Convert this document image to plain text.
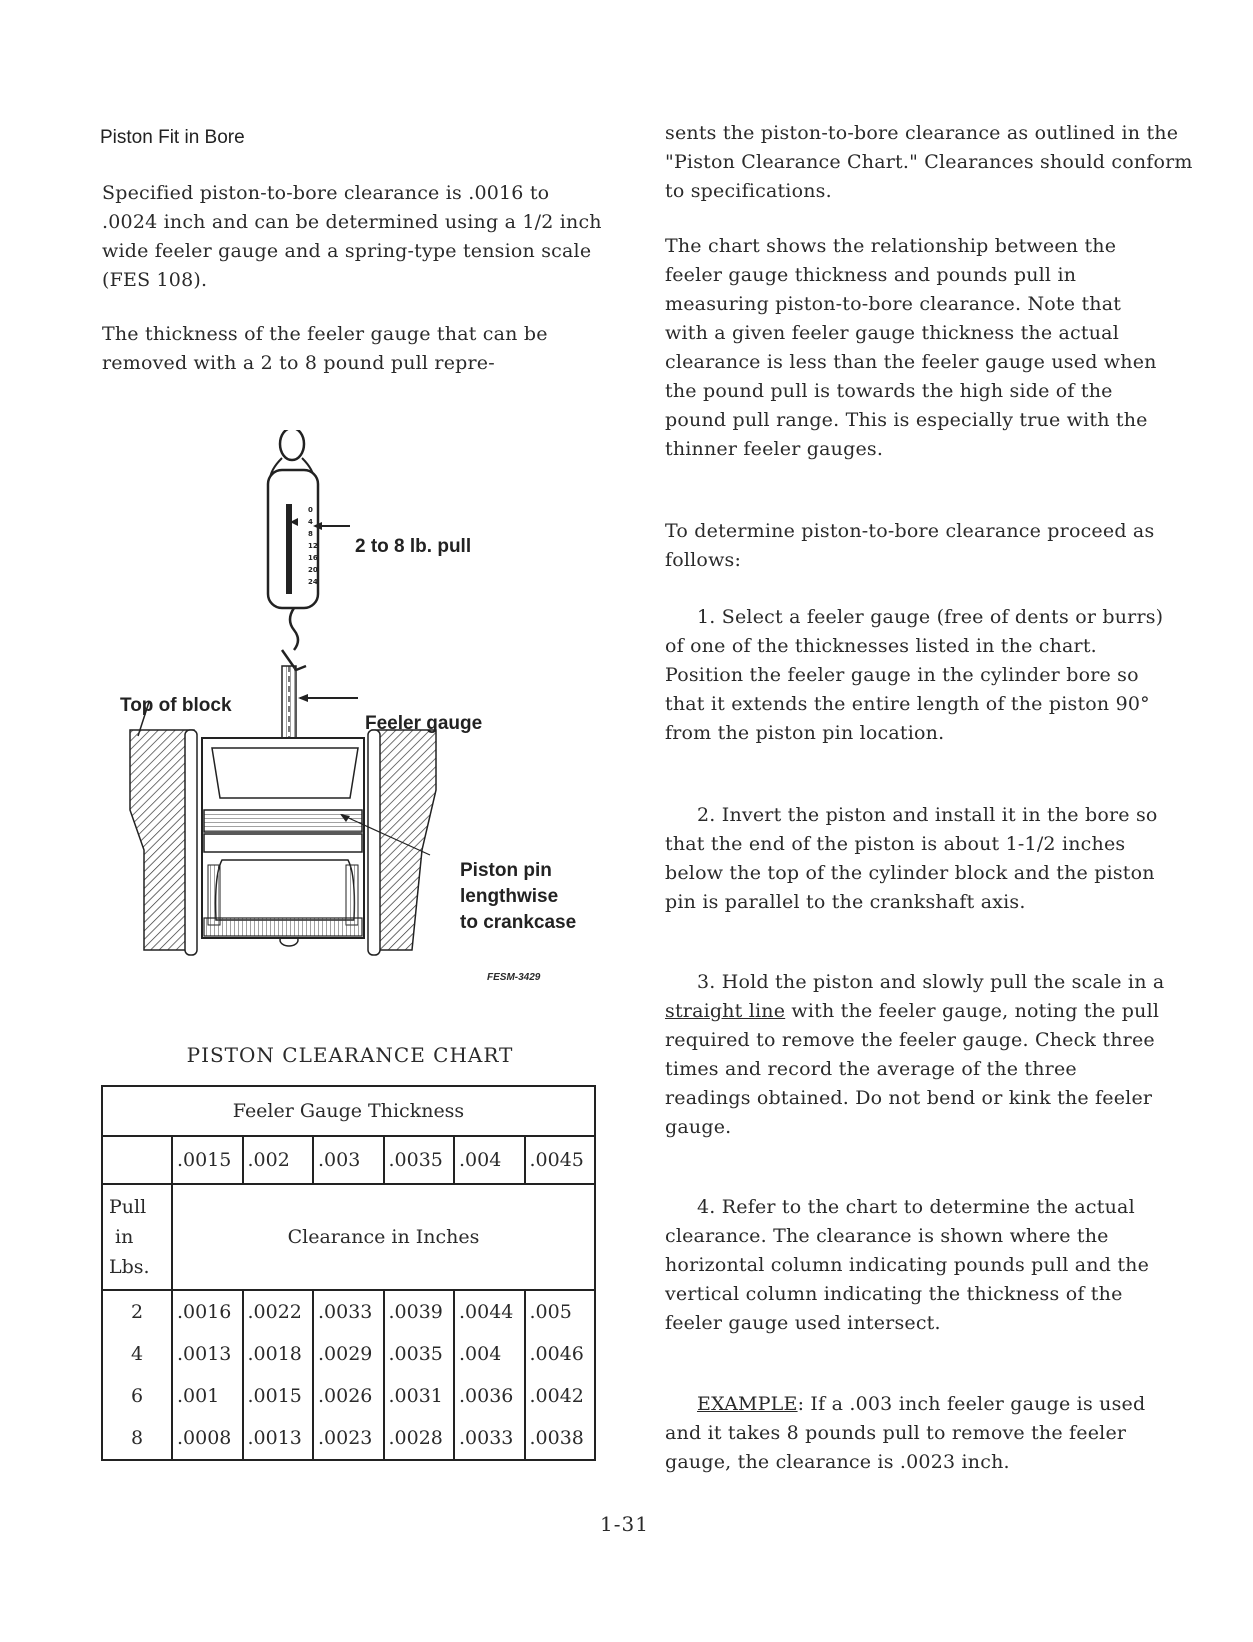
Piston Fit in Bore

Specified piston-to-bore clearance is .0016 to .0024 inch and can be determined using a 1/2 inch wide feeler gauge and a spring-type tension scale (FES 108).

The thickness of the feeler gauge that can be removed with a 2 to 8 pound pull repre-

0
4
8
12
16
20
24
2 to 8 lb. pull
Top of block
Feeler gauge
Piston pin
lengthwise
to crankcase
FESM-3429
PISTON CLEARANCE CHART
Feeler Gauge Thickness						
	.0015	.002	.003	.0035	.004	.0045

Pull
in
Lbs.	Clearance in Inches					
2	.0016	.0022	.0033	.0039	.0044	.005
4	.0013	.0018	.0029	.0035	.004	.0046
6	.001	.0015	.0026	.0031	.0036	.0042
8	.0008	.0013	.0023	.0028	.0033	.0038

sents the piston-to-bore clearance as outlined in the "Piston Clearance Chart." Clearances should conform to specifications.

The chart shows the relationship between the feeler gauge thickness and pounds pull in measuring piston-to-bore clearance. Note that with a given feeler gauge thickness the actual clearance is less than the feeler gauge used when the pound pull is towards the high side of the pound pull range. This is especially true with the thinner feeler gauges.

To determine piston-to-bore clearance proceed as follows:

1. Select a feeler gauge (free of dents or burrs) of one of the thicknesses listed in the chart. Position the feeler gauge in the cylinder bore so that it extends the entire length of the piston 90° from the piston pin location.

2. Invert the piston and install it in the bore so that the end of the piston is about 1-1/2 inches below the top of the cylinder block and the piston pin is parallel to the crankshaft axis.

3. Hold the piston and slowly pull the scale in a straight line with the feeler gauge, noting the pull required to remove the feeler gauge. Check three times and record the average of the three readings obtained. Do not bend or kink the feeler gauge.

4. Refer to the chart to determine the actual clearance. The clearance is shown where the horizontal column indicating pounds pull and the vertical column indicating the thickness of the feeler gauge used intersect.

EXAMPLE: If a .003 inch feeler gauge is used and it takes 8 pounds pull to remove the feeler gauge, the clearance is .0023 inch.

1-31
